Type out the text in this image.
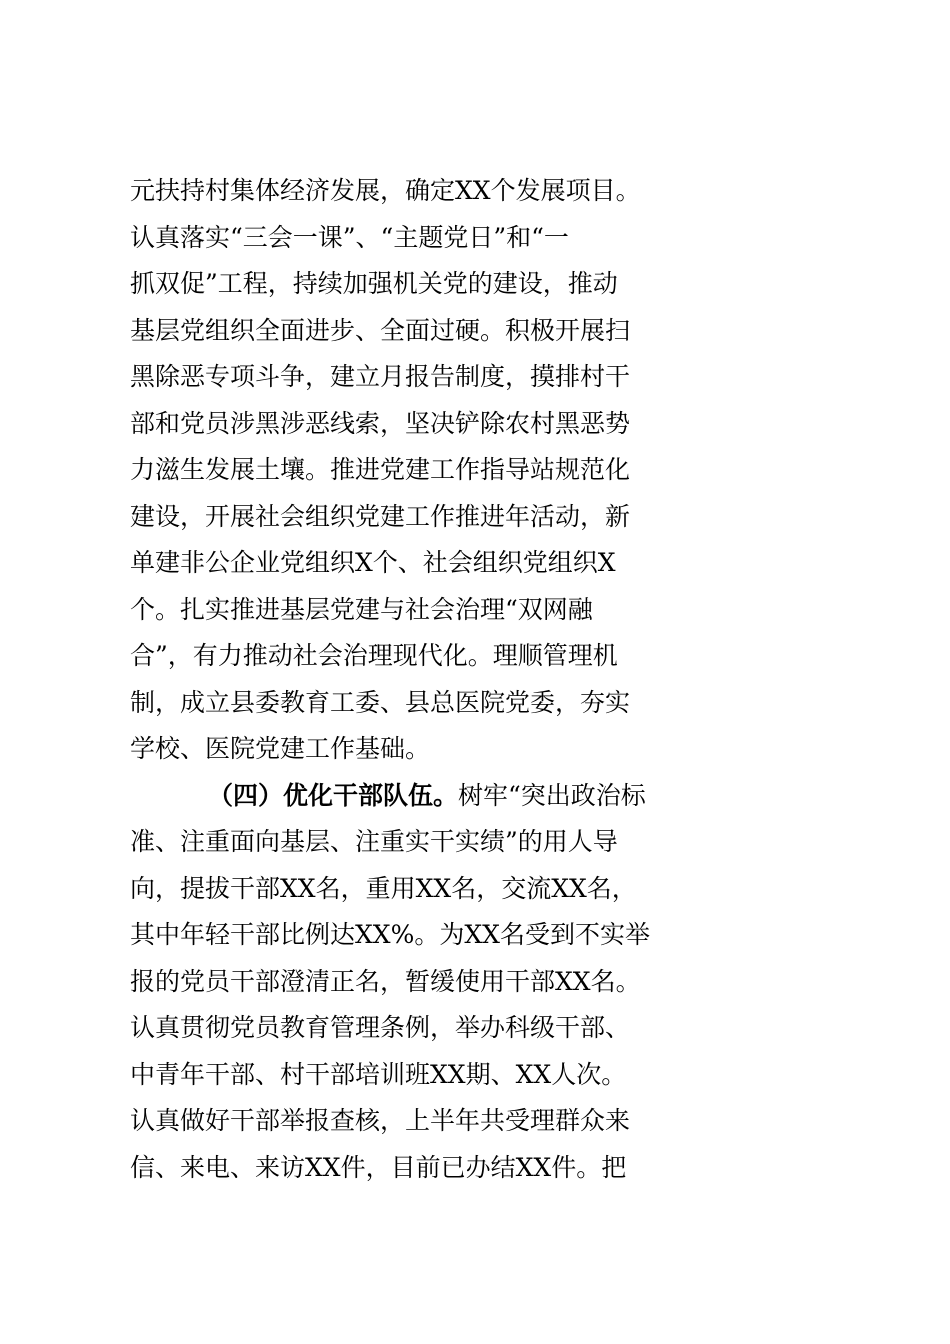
元扶持村集体经济发展，确定XX个发展项目。
认真落实“三会一课”、“主题党日”和“一
抓双促”工程，持续加强机关党的建设，推动
基层党组织全面进步、全面过硬。积极开展扫
黑除恶专项斗争，建立月报告制度，摸排村干
部和党员涉黑涉恶线索，坚决铲除农村黑恶势
力滋生发展土壤。推进党建工作指导站规范化
建设，开展社会组织党建工作推进年活动，新
单建非公企业党组织X个、社会组织党组织X
个。扎实推进基层党建与社会治理“双网融
合”，有力推动社会治理现代化。理顺管理机
制，成立县委教育工委、县总医院党委，夯实
学校、医院党建工作基础。
（四）优化干部队伍。树牢“突出政治标
准、注重面向基层、注重实干实绩”的用人导
向，提拔干部XX名，重用XX名，交流XX名，
其中年轻干部比例达XX%。为XX名受到不实举
报的党员干部澄清正名，暂缓使用干部XX名。
认真贯彻党员教育管理条例，举办科级干部、
中青年干部、村干部培训班XX期、XX人次。
认真做好干部举报查核，上半年共受理群众来
信、来电、来访XX件，目前已办结XX件。把
